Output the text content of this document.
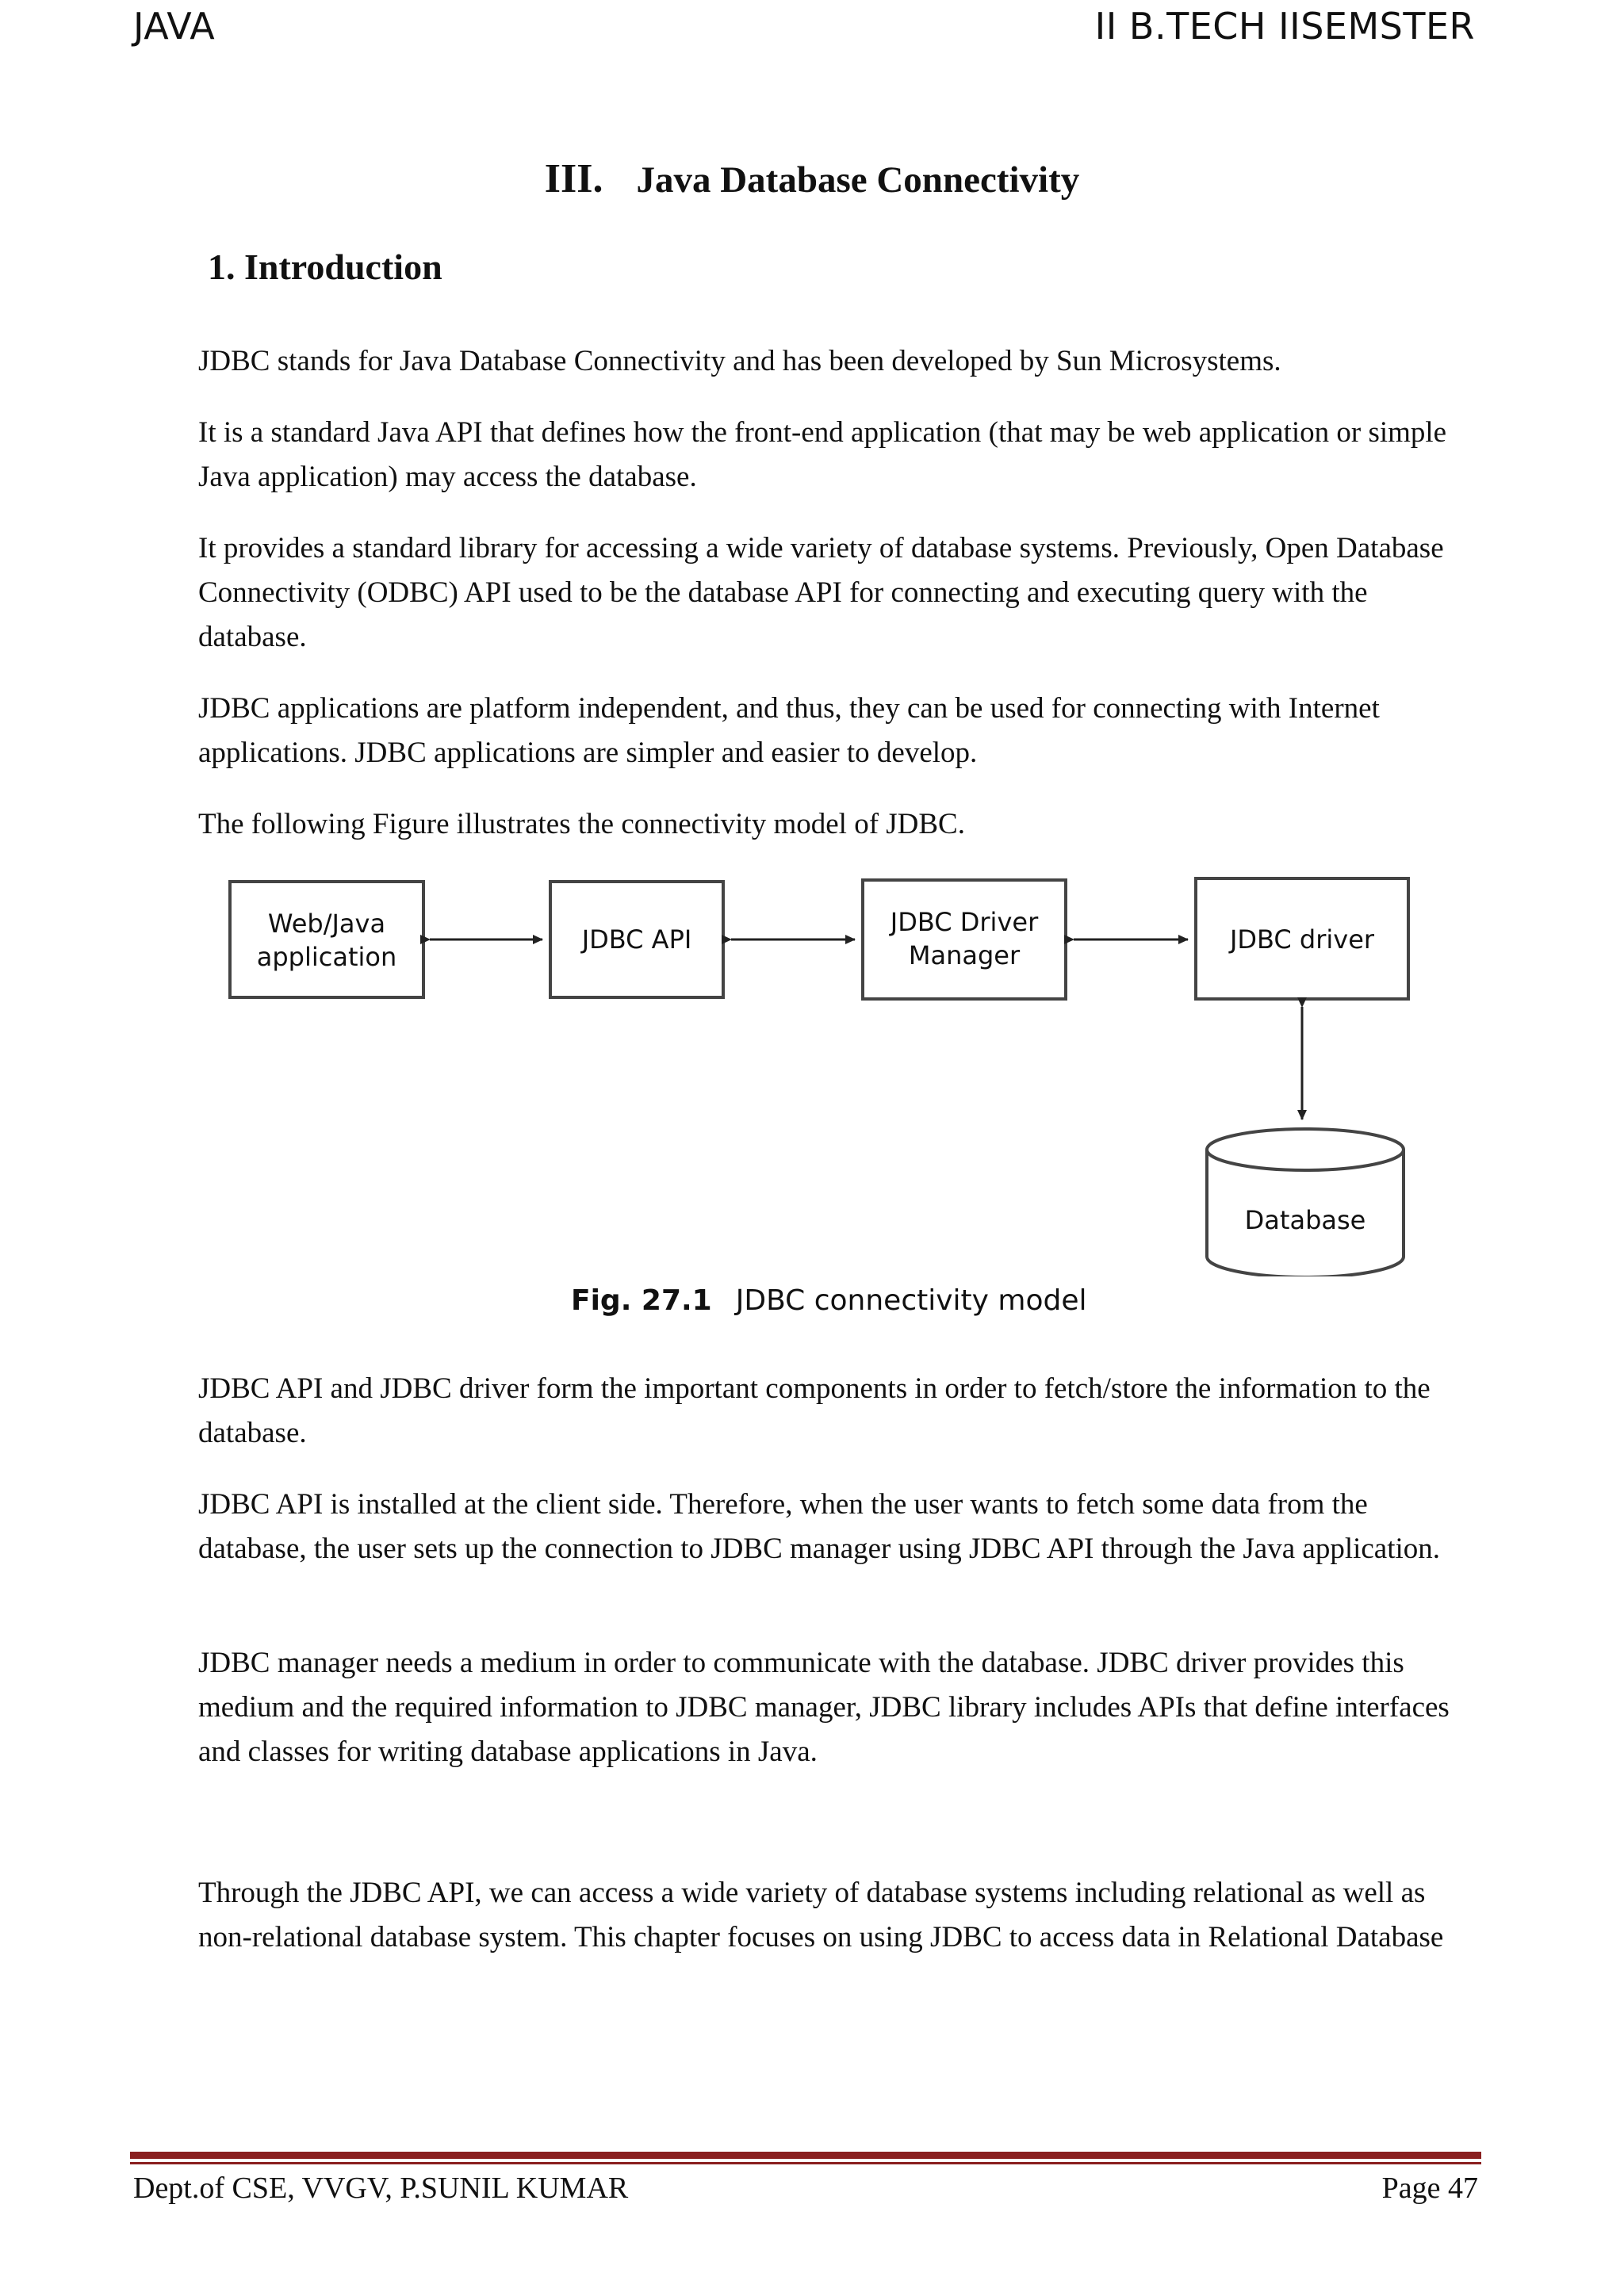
JAVA	II B.TECH IISEMSTER
III. Java Database Connectivity
1. Introduction

JDBC stands for Java Database Connectivity and has been developed by Sun Microsystems.

It is a standard Java API that defines how the front-end application (that may be web application or simple Java application) may access the database.

It provides a standard library for accessing a wide variety of database systems. Previously, Open Database Connectivity (ODBC) API used to be the database API for connecting and executing query with the database.

JDBC applications are platform independent, and thus, they can be used for connecting with Internet applications. JDBC applications are simpler and easier to develop.

The following Figure illustrates the connectivity model of JDBC.

Web/Java
application
JDBC API
JDBC Driver
Manager
JDBC driver
Database
Fig. 27.1 JDBC connectivity model

JDBC API and JDBC driver form the important components in order to fetch/store the information to the database.

JDBC API is installed at the client side. Therefore, when the user wants to fetch some data from the database, the user sets up the connection to JDBC manager using JDBC API through the Java application.

JDBC manager needs a medium in order to communicate with the database. JDBC driver provides this medium and the required information to JDBC manager, JDBC library includes APIs that define interfaces and classes for writing database applications in Java.

Through the JDBC API, we can access a wide variety of database systems including relational as well as non-relational database system. This chapter focuses on using JDBC to access data in Relational Database

Dept.of CSE, VVGV, P.SUNIL KUMAR	Page 47
